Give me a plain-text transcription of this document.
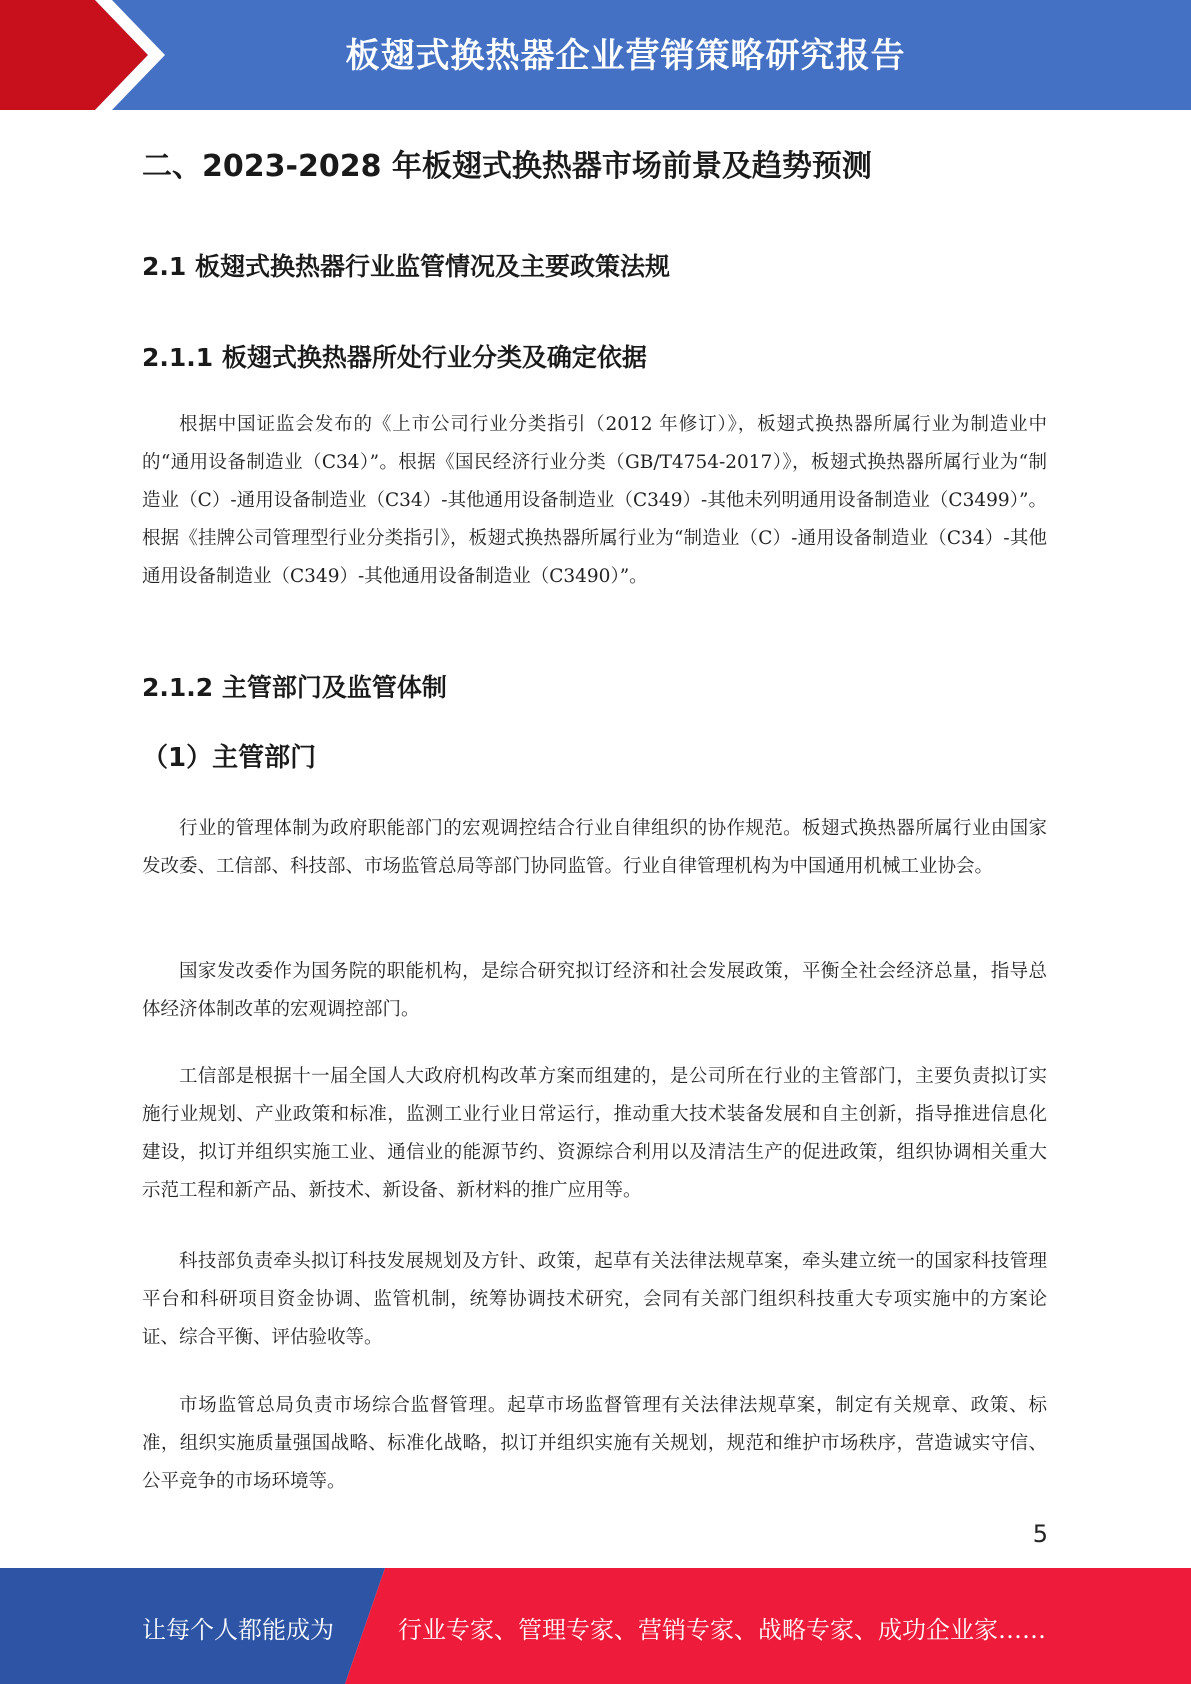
板翅式换热器企业营销策略研究报告
二、2023-2028 年板翅式换热器市场前景及趋势预测
2.1 板翅式换热器行业监管情况及主要政策法规
2.1.1 板翅式换热器所处行业分类及确定依据
根据中国证监会发布的《上市公司行业分类指引（2012 年修订）》，板翅式换热器所属行业为制造业中的“通用设备制造业（C34）”。根据《国民经济行业分类（GB/T4754-2017）》，板翅式换热器所属行业为“制造业（C）-通用设备制造业（C34）-其他通用设备制造业（C349）-其他未列明通用设备制造业（C3499）”。根据《挂牌公司管理型行业分类指引》，板翅式换热器所属行业为“制造业（C）-通用设备制造业（C34）-其他通用设备制造业（C349）-其他通用设备制造业（C3490）”。
2.1.2 主管部门及监管体制
（1）主管部门
行业的管理体制为政府职能部门的宏观调控结合行业自律组织的协作规范。板翅式换热器所属行业由国家发改委、工信部、科技部、市场监管总局等部门协同监管。行业自律管理机构为中国通用机械工业协会。
国家发改委作为国务院的职能机构，是综合研究拟订经济和社会发展政策，平衡全社会经济总量，指导总体经济体制改革的宏观调控部门。
工信部是根据十一届全国人大政府机构改革方案而组建的，是公司所在行业的主管部门，主要负责拟订实施行业规划、产业政策和标准，监测工业行业日常运行，推动重大技术装备发展和自主创新，指导推进信息化建设，拟订并组织实施工业、通信业的能源节约、资源综合利用以及清洁生产的促进政策，组织协调相关重大示范工程和新产品、新技术、新设备、新材料的推广应用等。
科技部负责牵头拟订科技发展规划及方针、政策，起草有关法律法规草案，牵头建立统一的国家科技管理平台和科研项目资金协调、监管机制，统筹协调技术研究，会同有关部门组织科技重大专项实施中的方案论证、综合平衡、评估验收等。
市场监管总局负责市场综合监督管理。起草市场监督管理有关法律法规草案，制定有关规章、政策、标准，组织实施质量强国战略、标准化战略，拟订并组织实施有关规划，规范和维护市场秩序，营造诚实守信、公平竞争的市场环境等。
5
让每个人都能成为	行业专家、管理专家、营销专家、战略专家、成功企业家……
